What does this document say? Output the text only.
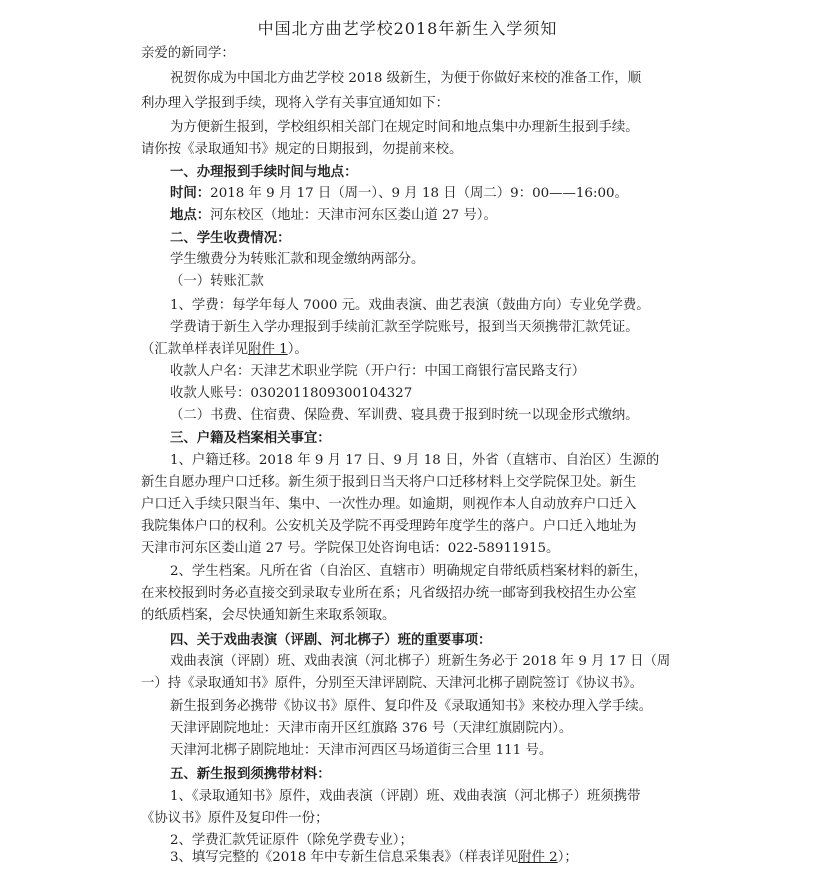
中国北方曲艺学校2018年新生入学须知
亲爱的新同学：
祝贺你成为中国北方曲艺学校 2018 级新生，为便于你做好来校的准备工作，顺
利办理入学报到手续，现将入学有关事宜通知如下：
为方便新生报到，学校组织相关部门在规定时间和地点集中办理新生报到手续。
请你按《录取通知书》规定的日期报到，勿提前来校。
一、办理报到手续时间与地点：
时间：2018 年 9 月 17 日（周一）、9 月 18 日（周二）9：00——16:00。
地点：河东校区（地址：天津市河东区娄山道 27 号）。
二、学生收费情况：
学生缴费分为转账汇款和现金缴纳两部分。
（一）转账汇款
1、学费：每学年每人 7000 元。戏曲表演、曲艺表演（鼓曲方向）专业免学费。
学费请于新生入学办理报到手续前汇款至学院账号，报到当天须携带汇款凭证。
（汇款单样表详见附件 1）。
收款人户名：天津艺术职业学院（开户行：中国工商银行富民路支行）
收款人账号：0302011809300104327
（二）书费、住宿费、保险费、军训费、寝具费于报到时统一以现金形式缴纳。
三、户籍及档案相关事宜：
1、户籍迁移。2018 年 9 月 17 日、9 月 18 日，外省（直辖市、自治区）生源的
新生自愿办理户口迁移。新生须于报到日当天将户口迁移材料上交学院保卫处。新生
户口迁入手续只限当年、集中、一次性办理。如逾期，则视作本人自动放弃户口迁入
我院集体户口的权利。公安机关及学院不再受理跨年度学生的落户。户口迁入地址为
天津市河东区娄山道 27 号。学院保卫处咨询电话：022-58911915。
2、学生档案。凡所在省（自治区、直辖市）明确规定自带纸质档案材料的新生，
在来校报到时务必直接交到录取专业所在系；凡省级招办统一邮寄到我校招生办公室
的纸质档案，会尽快通知新生来取系领取。
四、关于戏曲表演（评剧、河北梆子）班的重要事项：
戏曲表演（评剧）班、戏曲表演（河北梆子）班新生务必于 2018 年 9 月 17 日（周
一）持《录取通知书》原件，分别至天津评剧院、天津河北梆子剧院签订《协议书》。
新生报到务必携带《协议书》原件、复印件及《录取通知书》来校办理入学手续。
天津评剧院地址：天津市南开区红旗路 376 号（天津红旗剧院内）。
天津河北梆子剧院地址：天津市河西区马场道街三合里 111 号。
五、新生报到须携带材料：
1、《录取通知书》原件，戏曲表演（评剧）班、戏曲表演（河北梆子）班须携带
《协议书》原件及复印件一份；
2、学费汇款凭证原件（除免学费专业）；
3、填写完整的《2018 年中专新生信息采集表》（样表详见附件 2）；
